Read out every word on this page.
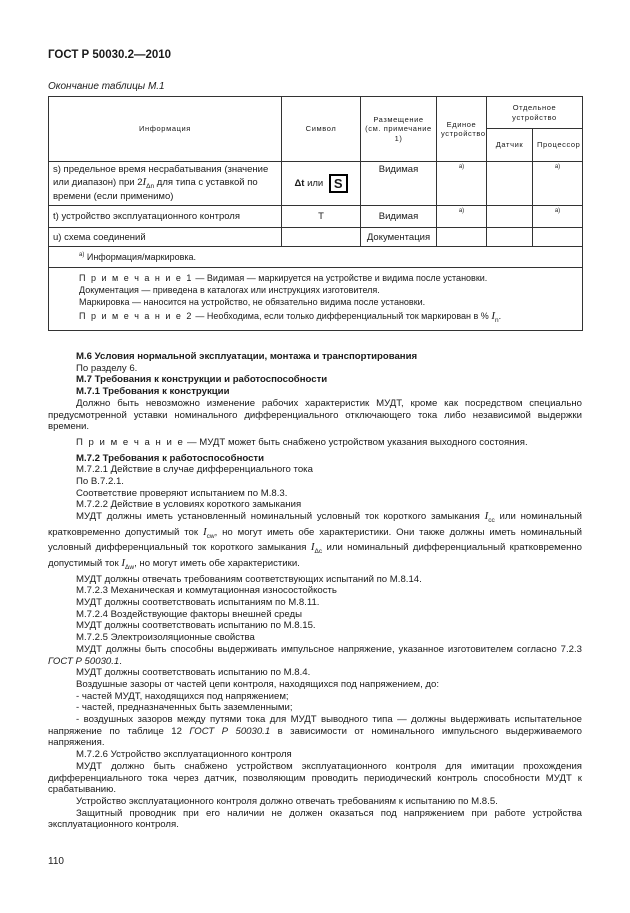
ГОСТ Р 50030.2—2010
Окончание таблицы М.1
Информация	Символ	Размещение (см. примечание 1)	Единое устройство	Отдельное устройство	
				Датчик	Процессор
s) предельное время несрабатывания (значение или диапазон) при $2I_{\Delta n}$ для типа с уставкой по времени (если применимо)	Δt или S	Видимая	a)		a)

t) устройство эксплуатационного контроля	Т	Видимая	a)		a)

u) схема соединений		Документация			
$^{a)}$ Информация/маркировка.					

П р и м е ч а н и е 1 — Видимая — маркируется на устройстве и видима после установки.
Документация — приведена в каталогах или инструкциях изготовителя.
Маркировка — наносится на устройство, не обязательно видима после установки.
П р и м е ч а н и е 2 — Необходима, если только дифференциальный ток маркирован в % $I_n$.					

М.6 Условия нормальной эксплуатации, монтажа и транспортирования

По разделу 6.

М.7 Требования к конструкции и работоспособности

М.7.1 Требования к конструкции

Должно быть невозможно изменение рабочих характеристик МУДТ, кроме как посредством специально предусмотренной уставки номинального дифференциального отключающего тока либо независимой выдержки времени.

П р и м е ч а н и е — МУДТ может быть снабжено устройством указания выходного состояния.

М.7.2 Требования к работоспособности

М.7.2.1 Действие в случае дифференциального тока

По В.7.2.1.

Соответствие проверяют испытанием по М.8.3.

М.7.2.2 Действие в условиях короткого замыкания

МУДТ должны иметь установленный номинальный условный ток короткого замыкания $I_{cc}$ или номинальный кратковременно допустимый ток $I_{cw}$, но могут иметь обе характеристики. Они также должны иметь номинальный условный дифференциальный ток короткого замыкания $I_{\Delta c}$ или номинальный дифференциальный кратковременно допустимый ток $I_{\Delta w}$, но могут иметь обе характеристики.

МУДТ должны отвечать требованиям соответствующих испытаний по М.8.14.

М.7.2.3 Механическая и коммутационная износостойкость

МУДТ должны соответствовать испытаниям по М.8.11.

М.7.2.4 Воздействующие факторы внешней среды

МУДТ должны соответствовать испытанию по М.8.15.

М.7.2.5 Электроизоляционные свойства

МУДТ должны быть способны выдерживать импульсное напряжение, указанное изготовителем согласно 7.2.3 ГОСТ Р 50030.1.

МУДТ должны соответствовать испытанию по М.8.4.

Воздушные зазоры от частей цепи контроля, находящихся под напряжением, до:

- частей МУДТ, находящихся под напряжением;

- частей, предназначенных быть заземленными;

- воздушных зазоров между путями тока для МУДТ выводного типа — должны выдерживать испытательное напряжение по таблице 12 ГОСТ Р 50030.1 в зависимости от номинального импульсного выдерживаемого напряжения.

М.7.2.6 Устройство эксплуатационного контроля

МУДТ должно быть снабжено устройством эксплуатационного контроля для имитации прохождения дифференциального тока через датчик, позволяющим проводить периодический контроль способности МУДТ к срабатыванию.

Устройство эксплуатационного контроля должно отвечать требованиям к испытанию по М.8.5.

Защитный проводник при его наличии не должен оказаться под напряжением при работе устройства эксплуатационного контроля.

110
